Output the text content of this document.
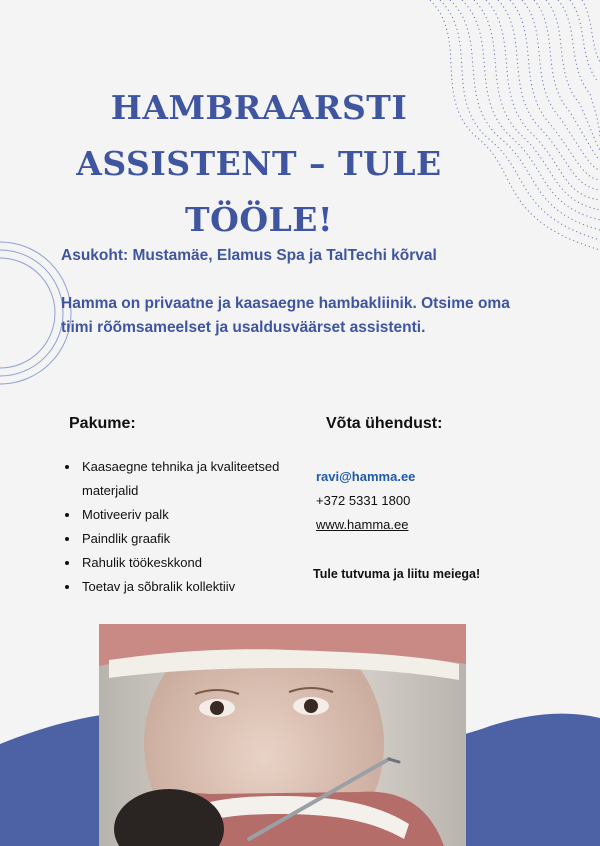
HAMBRAARSTI
ASSISTENT – TULE
TÖÖLE!
Asukoht: Mustamäe, Elamus Spa ja TalTechi kõrval

Hamma on privaatne ja kaasaegne hambakliinik. Otsime oma tiimi rõõmsameelset ja usaldusväärset assistenti.

Pakume:
• Kaasaegne tehnika ja kvaliteetsed materjalid
• Motiveeriv palk
• Paindlik graafik
• Rahulik töökeskkond
• Toetav ja sõbralik kollektiiv
Võta ühendust:
ravi@hamma.ee
+372 5331 1800
www.hamma.ee
Tule tutvuma ja liitu meiega!
